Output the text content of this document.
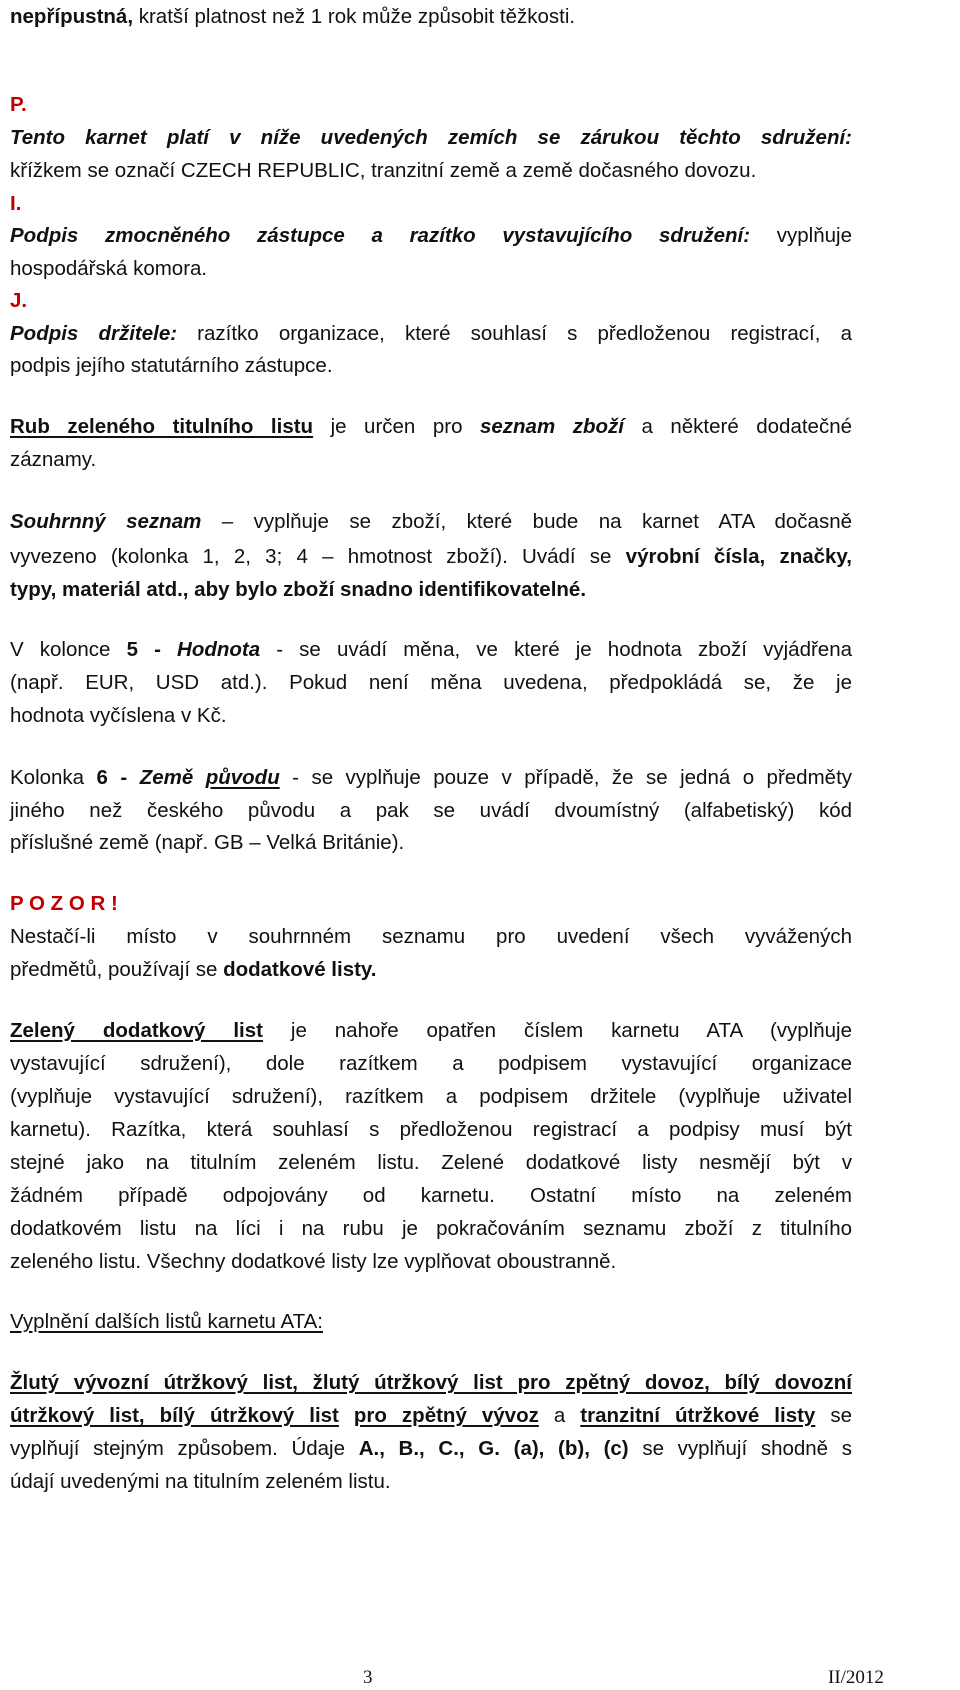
nepřípustná, kratší platnost než 1 rok může způsobit těžkosti.
P.
Tento karnet platí v níže uvedených zemích se zárukou těchto sdružení:
křížkem se označí CZECH REPUBLIC, tranzitní země a země dočasného dovozu.
I.
Podpis zmocněného zástupce a razítko vystavujícího sdružení: vyplňuje
hospodářská komora.
J.
Podpis držitele: razítko organizace, které souhlasí s předloženou registrací, a
podpis jejího statutárního zástupce.
Rub zeleného titulního listu je určen pro seznam zboží a některé dodatečné
záznamy.
Souhrnný seznam – vyplňuje se zboží, které bude na karnet ATA dočasně
vyvezeno (kolonka 1, 2, 3; 4 – hmotnost zboží). Uvádí se výrobní čísla, značky,
typy, materiál atd., aby bylo zboží snadno identifikovatelné.
V kolonce 5 - Hodnota - se uvádí měna, ve které je hodnota zboží vyjádřena
(např. EUR, USD atd.). Pokud není měna uvedena, předpokládá se, že je
hodnota vyčíslena v Kč.
Kolonka 6 - Země původu - se vyplňuje pouze v případě, že se jedná o předměty
jiného než českého původu a pak se uvádí dvoumístný (alfabetiský) kód
příslušné země (např. GB – Velká Británie).
P O Z O R !
Nestačí-li místo v souhrnném seznamu pro uvedení všech vyvážených
předmětů, používají se dodatkové listy.
Zelený dodatkový list je nahoře opatřen číslem karnetu ATA (vyplňuje
vystavující sdružení), dole razítkem a podpisem vystavující organizace
(vyplňuje vystavující sdružení), razítkem a podpisem držitele (vyplňuje uživatel
karnetu). Razítka, která souhlasí s předloženou registrací a podpisy musí být
stejné jako na titulním zeleném listu. Zelené dodatkové listy nesmějí být v
žádném případě odpojovány od karnetu. Ostatní místo na zeleném
dodatkovém listu na líci i na rubu je pokračováním seznamu zboží z titulního
zeleného listu. Všechny dodatkové listy lze vyplňovat oboustranně.
Vyplnění dalších listů karnetu ATA:
Žlutý vývozní útržkový list, žlutý útržkový list pro zpětný dovoz, bílý dovozní
útržkový list, bílý útržkový list pro zpětný vývoz a tranzitní útržkové listy se
vyplňují stejným způsobem. Údaje A., B., C., G. (a), (b), (c) se vyplňují shodně s
údají uvedenými na titulním zeleném listu.
3	II/2012
